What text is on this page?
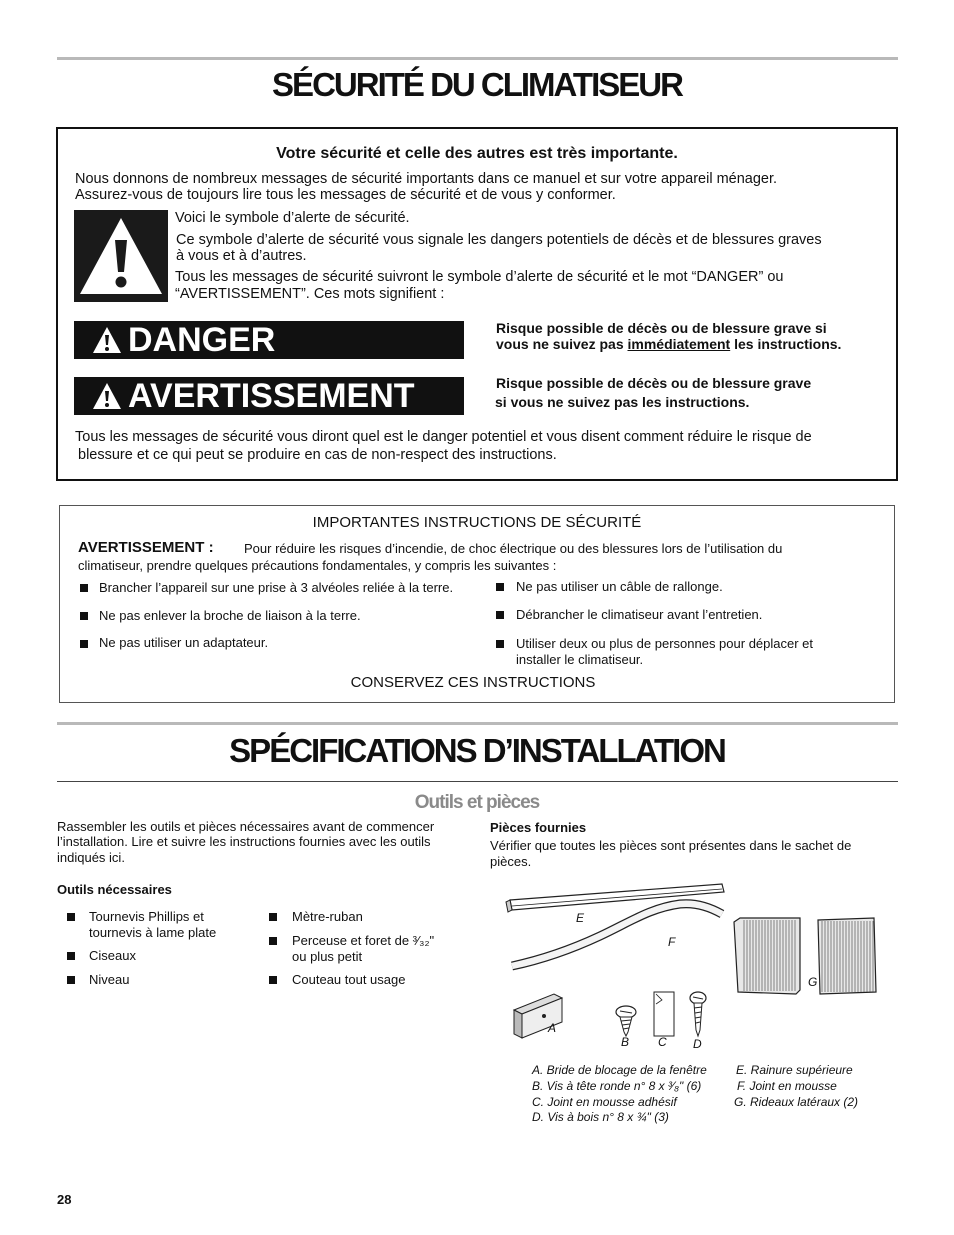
SÉCURITÉ DU CLIMATISEUR
Votre sécurité et celle des autres est très importante.
Nous donnons de nombreux messages de sécurité importants dans ce manuel et sur votre appareil ménager.
Assurez-vous de toujours lire tous les messages de sécurité et de vous y conformer.
Voici le symbole d’alerte de sécurité.
Ce symbole d’alerte de sécurité vous signale les dangers potentiels de décès et de blessures graves
à vous et à d’autres.
Tous les messages de sécurité suivront le symbole d’alerte de sécurité et le mot “DANGER” ou
“AVERTISSEMENT”. Ces mots signifient :
DANGER	Risque possible de décès ou de blessure grave si
vous ne suivez pas immédiatement les instructions.
AVERTISSEMENT	Risque possible de décès ou de blessure grave
si vous ne suivez pas les instructions.
Tous les messages de sécurité vous diront quel est le danger potentiel et vous disent comment réduire le risque de
blessure et ce qui peut se produire en cas de non-respect des instructions.
IMPORTANTES INSTRUCTIONS DE SÉCURITÉ
AVERTISSEMENT : Pour réduire les risques d’incendie, de choc électrique ou des blessures lors de l’utilisation du
climatiseur, prendre quelques précautions fondamentales, y compris les suivantes :
Brancher l’appareil sur une prise à 3 alvéoles reliée à la terre.
Ne pas enlever la broche de liaison à la terre.
Ne pas utiliser un adaptateur.
Ne pas utiliser un câble de rallonge.
Débrancher le climatiseur avant l’entretien.
Utiliser deux ou plus de personnes pour déplacer et
installer le climatiseur.
CONSERVEZ CES INSTRUCTIONS
SPÉCIFICATIONS D’INSTALLATION
Outils et pièces
Rassembler les outils et pièces nécessaires avant de commencer
l’installation. Lire et suivre les instructions fournies avec les outils
indiqués ici.
Outils nécessaires
Tournevis Phillips et
tournevis à lame plate
Ciseaux
Niveau
Mètre-ruban
Perceuse et foret de ³⁄₃₂"
ou plus petit
Couteau tout usage
Pièces fournies
Vérifier que toutes les pièces sont présentes dans le sachet de
pièces.
E
F
G
A
B C D
A. Bride de blocage de la fenêtre
B. Vis à tête ronde n° 8 x ³⁄₈" (6)
C. Joint en mousse adhésif
D. Vis à bois n° 8 x ¾" (3)
E. Rainure supérieure
F. Joint en mousse
G. Rideaux latéraux (2)
28
